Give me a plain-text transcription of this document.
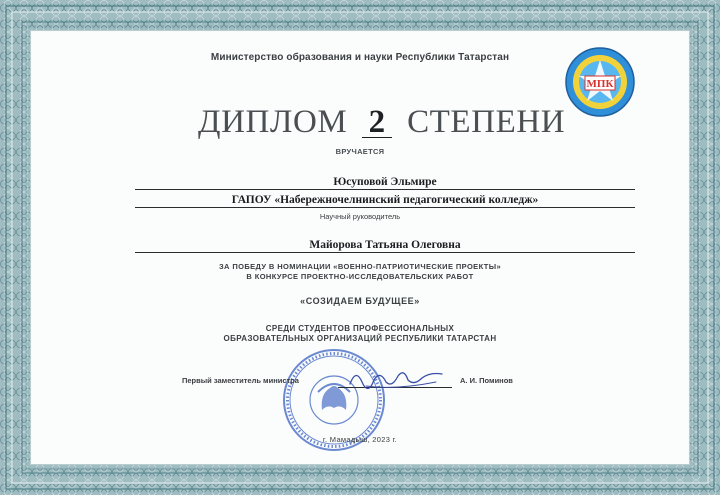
Министерство образования и науки Республики Татарстан

МПК
ДИПЛОМ 2 СТЕПЕНИ

ВРУЧАЕТСЯ

Юсуповой Эльмире

ГАПОУ «Набережночелнинский педагогический колледж»

Научный руководитель

Майорова Татьяна Олеговна

ЗА ПОБЕДУ В НОМИНАЦИИ «ВОЕННО-ПАТРИОТИЧЕСКИЕ ПРОЕКТЫ»

В КОНКУРСЕ ПРОЕКТНО-ИССЛЕДОВАТЕЛЬСКИХ РАБОТ

«СОЗИДАЕМ БУДУЩЕЕ»

СРЕДИ СТУДЕНТОВ ПРОФЕССИОНАЛЬНЫХ

ОБРАЗОВАТЕЛЬНЫХ ОРГАНИЗАЦИЙ РЕСПУБЛИКИ ТАТАРСТАН

Первый заместитель министра	А. И. Поминов

г. Мамадыш, 2023 г.
